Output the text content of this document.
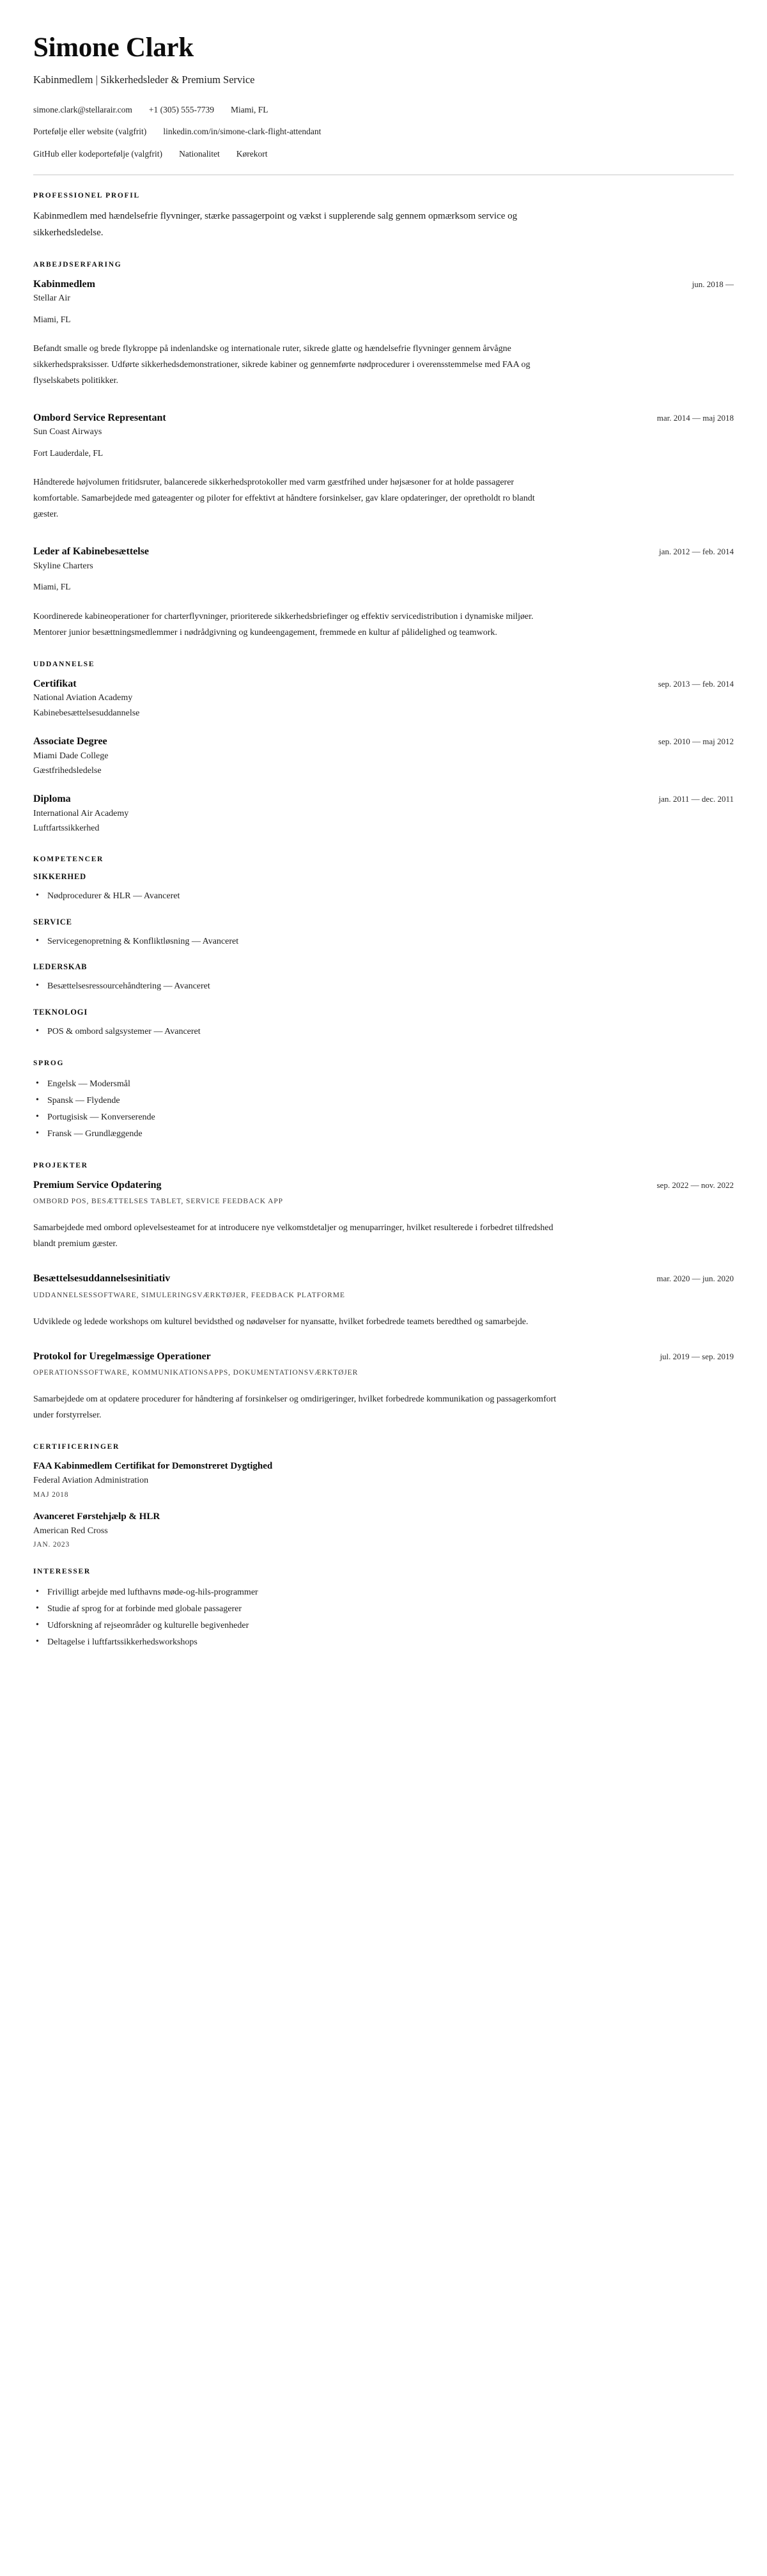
Simone Clark
Kabinmedlem | Sikkerhedsleder & Premium Service
simone.clark@stellarair.com +1 (305) 555-7739 Miami, FL
Portefølje eller website (valgfrit) linkedin.com/in/simone-clark-flight-attendant
GitHub eller kodeportefølje (valgfrit) Nationalitet Kørekort
PROFESSIONEL PROFIL

Kabinmedlem med hændelsefrie flyvninger, stærke passagerpoint og vækst i supplerende salg gennem opmærksom service og sikkerhedsledelse.

ARBEJDSERFARING
Kabinmedlem	jun. 2018 —
Stellar Air
Miami, FL

Befandt smalle og brede flykroppe på indenlandske og internationale ruter, sikrede glatte og hændelsefrie flyvninger gennem årvågne sikkerhedspraksisser. Udførte sikkerhedsdemonstrationer, sikrede kabiner og gennemførte nødprocedurer i overensstemmelse med FAA og flyselskabets politikker.

Ombord Service Representant	mar. 2014 — maj 2018
Sun Coast Airways
Fort Lauderdale, FL

Håndterede højvolumen fritidsruter, balancerede sikkerhedsprotokoller med varm gæstfrihed under højsæsoner for at holde passagerer komfortable. Samarbejdede med gateagenter og piloter for effektivt at håndtere forsinkelser, gav klare opdateringer, der opretholdt ro blandt gæster.

Leder af Kabinebesættelse	jan. 2012 — feb. 2014
Skyline Charters
Miami, FL

Koordinerede kabineoperationer for charterflyvninger, prioriterede sikkerhedsbriefinger og effektiv servicedistribution i dynamiske miljøer. Mentorer junior besættningsmedlemmer i nødrådgivning og kundeengagement, fremmede en kultur af pålidelighed og teamwork.

UDDANNELSE
Certifikat	sep. 2013 — feb. 2014
National Aviation Academy
Kabinebesættelsesuddannelse
Associate Degree	sep. 2010 — maj 2012
Miami Dade College
Gæstfrihedsledelse
Diploma	jan. 2011 — dec. 2011
International Air Academy
Luftfartssikkerhed
KOMPETENCER
SIKKERHED
• Nødprocedurer & HLR — Avanceret
SERVICE
• Servicegenopretning & Konfliktløsning — Avanceret
LEDERSKAB
• Besættelsesressourcehåndtering — Avanceret
TEKNOLOGI
• POS & ombord salgsystemer — Avanceret
SPROG
• Engelsk — Modersmål
• Spansk — Flydende
• Portugisisk — Konverserende
• Fransk — Grundlæggende
PROJEKTER
Premium Service Opdatering	sep. 2022 — nov. 2022
OMBORD POS, BESÆTTELSES TABLET, SERVICE FEEDBACK APP

Samarbejdede med ombord oplevelsesteamet for at introducere nye velkomstdetaljer og menuparringer, hvilket resulterede i forbedret tilfredshed blandt premium gæster.

Besættelsesuddannelsesinitiativ	mar. 2020 — jun. 2020
UDDANNELSESSOFTWARE, SIMULERINGSVÆRKTØJER, FEEDBACK PLATFORME

Udviklede og ledede workshops om kulturel bevidsthed og nødøvelser for nyansatte, hvilket forbedrede teamets beredthed og samarbejde.

Protokol for Uregelmæssige Operationer	jul. 2019 — sep. 2019
OPERATIONSSOFTWARE, KOMMUNIKATIONSAPPS, DOKUMENTATIONSVÆRKTØJER

Samarbejdede om at opdatere procedurer for håndtering af forsinkelser og omdirigeringer, hvilket forbedrede kommunikation og passagerkomfort under forstyrrelser.

CERTIFICERINGER
FAA Kabinmedlem Certifikat for Demonstreret Dygtighed
Federal Aviation Administration
MAJ 2018
Avanceret Førstehjælp & HLR
American Red Cross
JAN. 2023
INTERESSER
• Frivilligt arbejde med lufthavns møde-og-hils-programmer
• Studie af sprog for at forbinde med globale passagerer
• Udforskning af rejseområder og kulturelle begivenheder
• Deltagelse i luftfartssikkerhedsworkshops
